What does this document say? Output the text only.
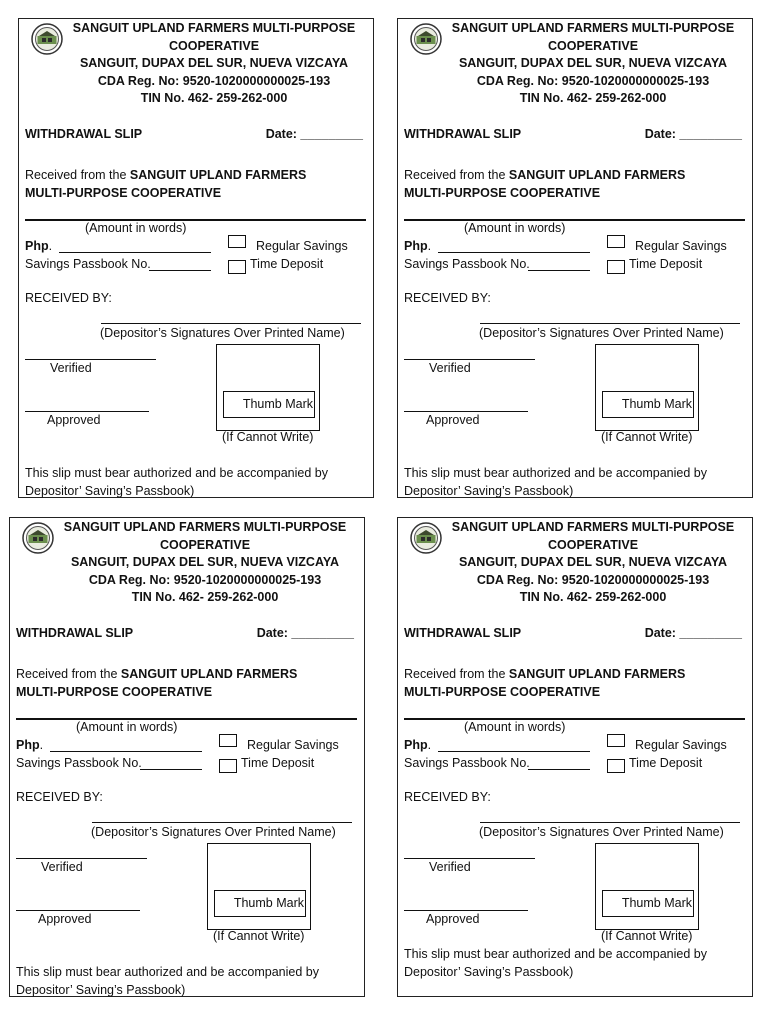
SANGUIT UPLAND FARMERS MULTI-PURPOSE
COOPERATIVE
SANGUIT, DUPAX DEL SUR, NUEVA VIZCAYA
CDA Reg. No: 9520-1020000000025-193
TIN No. 462- 259-262-000
WITHDRAWAL SLIP	Date: _________
Received from the SANGUIT UPLAND FARMERS MULTI-PURPOSE COOPERATIVE
(Amount in words)
Php.
Savings Passbook No.
Regular Savings
Time Deposit
RECEIVED BY:
(Depositor’s Signatures Over Printed Name)
Verified
Approved
Thumb Mark
(If Cannot Write)
This slip must bear authorized and be accompanied by Depositor’ Saving’s Passbook)
SANGUIT UPLAND FARMERS MULTI-PURPOSE
COOPERATIVE
SANGUIT, DUPAX DEL SUR, NUEVA VIZCAYA
CDA Reg. No: 9520-1020000000025-193
TIN No. 462- 259-262-000
WITHDRAWAL SLIP	Date: _________
Received from the SANGUIT UPLAND FARMERS MULTI-PURPOSE COOPERATIVE
(Amount in words)
Php.
Savings Passbook No.
Regular Savings
Time Deposit
RECEIVED BY:
(Depositor’s Signatures Over Printed Name)
Verified
Approved
Thumb Mark
(If Cannot Write)
This slip must bear authorized and be accompanied by Depositor’ Saving’s Passbook)
SANGUIT UPLAND FARMERS MULTI-PURPOSE
COOPERATIVE
SANGUIT, DUPAX DEL SUR, NUEVA VIZCAYA
CDA Reg. No: 9520-1020000000025-193
TIN No. 462- 259-262-000
WITHDRAWAL SLIP	Date: _________
Received from the SANGUIT UPLAND FARMERS MULTI-PURPOSE COOPERATIVE
(Amount in words)
Php.
Savings Passbook No.
Regular Savings
Time Deposit
RECEIVED BY:
(Depositor’s Signatures Over Printed Name)
Verified
Approved
Thumb Mark
(If Cannot Write)
This slip must bear authorized and be accompanied by Depositor’ Saving’s Passbook)
SANGUIT UPLAND FARMERS MULTI-PURPOSE
COOPERATIVE
SANGUIT, DUPAX DEL SUR, NUEVA VIZCAYA
CDA Reg. No: 9520-1020000000025-193
TIN No. 462- 259-262-000
WITHDRAWAL SLIP	Date: _________
Received from the SANGUIT UPLAND FARMERS MULTI-PURPOSE COOPERATIVE
(Amount in words)
Php.
Savings Passbook No.
Regular Savings
Time Deposit
RECEIVED BY:
(Depositor’s Signatures Over Printed Name)
Verified
Approved
Thumb Mark
(If Cannot Write)
This slip must bear authorized and be accompanied by Depositor’ Saving’s Passbook)
